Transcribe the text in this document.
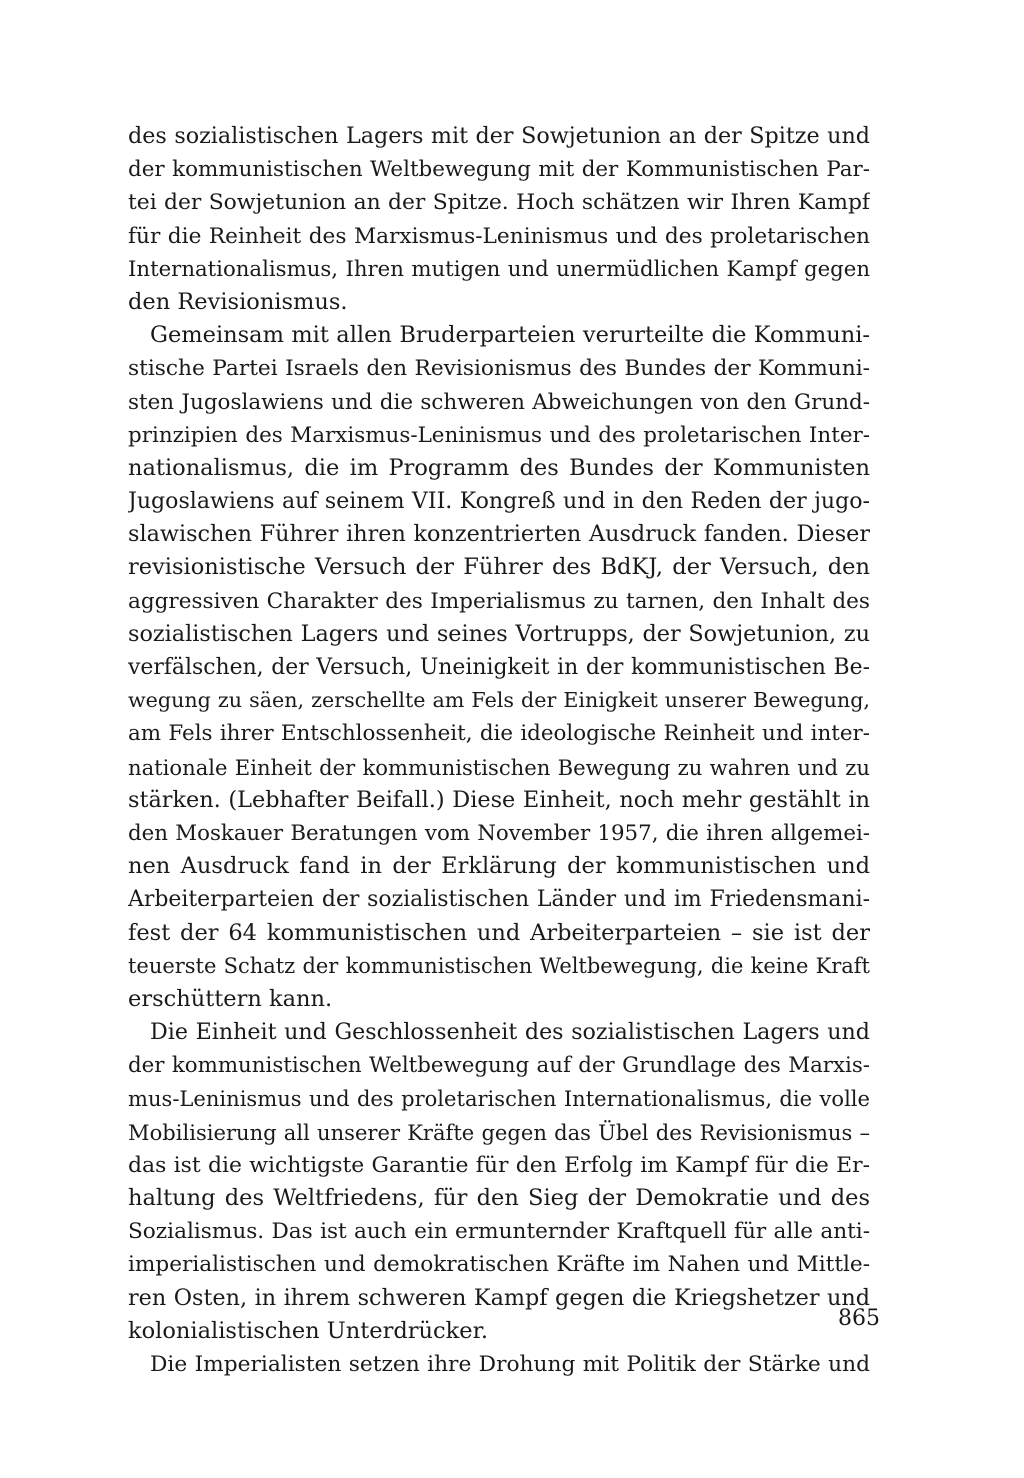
des sozialistischen Lagers mit der Sowjetunion an der Spitze und
der kommunistischen Weltbewegung mit der Kommunistischen Par-
tei der Sowjetunion an der Spitze. Hoch schätzen wir Ihren Kampf
für die Reinheit des Marxismus-Leninismus und des proletarischen
Internationalismus, Ihren mutigen und unermüdlichen Kampf gegen
den Revisionismus.
Gemeinsam mit allen Bruderparteien verurteilte die Kommuni-
stische Partei Israels den Revisionismus des Bundes der Kommuni-
sten Jugoslawiens und die schweren Abweichungen von den Grund-
prinzipien des Marxismus-Leninismus und des proletarischen Inter-
nationalismus, die im Programm des Bundes der Kommunisten
Jugoslawiens auf seinem VII. Kongreß und in den Reden der jugo-
slawischen Führer ihren konzentrierten Ausdruck fanden. Dieser
revisionistische Versuch der Führer des BdKJ, der Versuch, den
aggressiven Charakter des Imperialismus zu tarnen, den Inhalt des
sozialistischen Lagers und seines Vortrupps, der Sowjetunion, zu
verfälschen, der Versuch, Uneinigkeit in der kommunistischen Be-
wegung zu säen, zerschellte am Fels der Einigkeit unserer Bewegung,
am Fels ihrer Entschlossenheit, die ideologische Reinheit und inter-
nationale Einheit der kommunistischen Bewegung zu wahren und zu
stärken. (Lebhafter Beifall.) Diese Einheit, noch mehr gestählt in
den Moskauer Beratungen vom November 1957, die ihren allgemei-
nen Ausdruck fand in der Erklärung der kommunistischen und
Arbeiterparteien der sozialistischen Länder und im Friedensmani-
fest der 64 kommunistischen und Arbeiterparteien – sie ist der
teuerste Schatz der kommunistischen Weltbewegung, die keine Kraft
erschüttern kann.
Die Einheit und Geschlossenheit des sozialistischen Lagers und
der kommunistischen Weltbewegung auf der Grundlage des Marxis-
mus-Leninismus und des proletarischen Internationalismus, die volle
Mobilisierung all unserer Kräfte gegen das Übel des Revisionismus –
das ist die wichtigste Garantie für den Erfolg im Kampf für die Er-
haltung des Weltfriedens, für den Sieg der Demokratie und des
Sozialismus. Das ist auch ein ermunternder Kraftquell für alle anti-
imperialistischen und demokratischen Kräfte im Nahen und Mittle-
ren Osten, in ihrem schweren Kampf gegen die Kriegshetzer und
kolonialistischen Unterdrücker.
Die Imperialisten setzen ihre Drohung mit Politik der Stärke und
865
